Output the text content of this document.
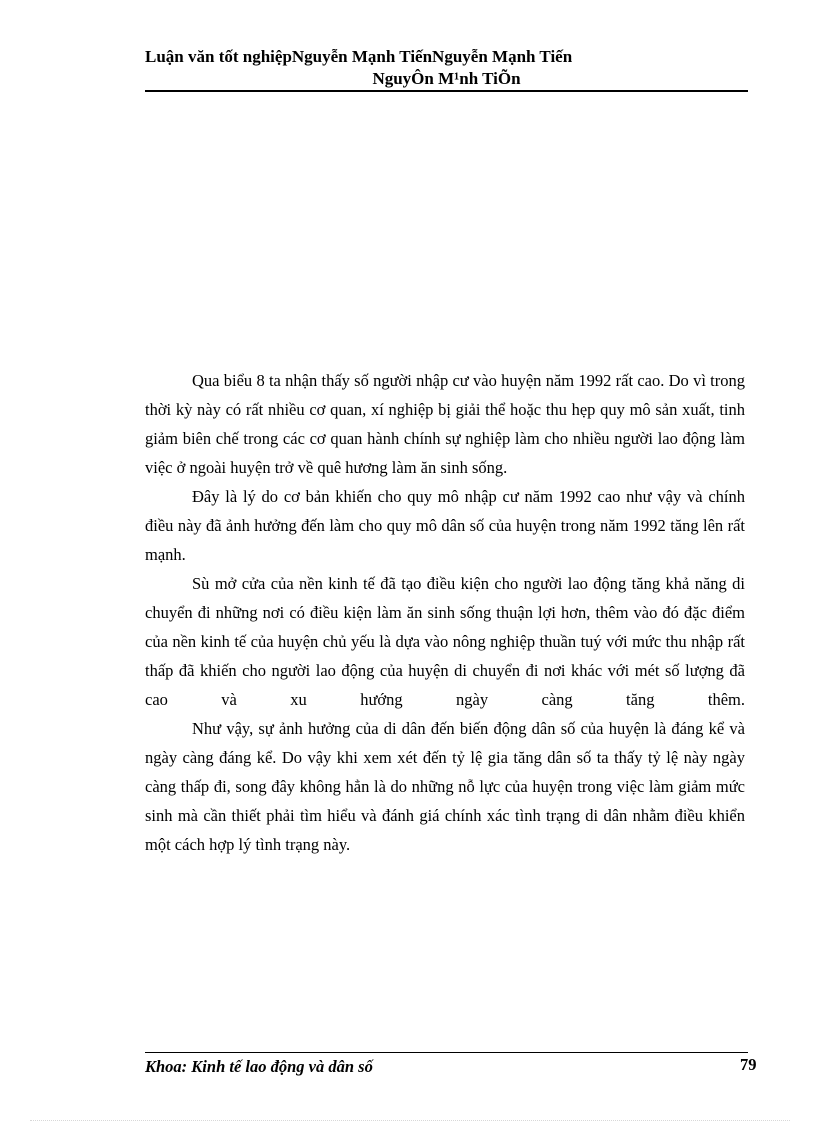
Luận văn tốt nghiệpNguyễn Mạnh TiếnNguyễn Mạnh Tiến
NguyÔn M¹nh TiÕn

Qua biểu 8 ta nhận thấy số người nhập cư vào huyện năm 1992 rất cao. Do vì trong thời kỳ này có rất nhiều cơ quan, xí nghiệp bị giải thể hoặc thu hẹp quy mô sản xuất, tinh giảm biên chế trong các cơ quan hành chính sự nghiệp làm cho nhiều người lao động làm việc ở ngoài huyện trở về quê hương làm ăn sinh sống.

Đây là lý do cơ bản khiến cho quy mô nhập cư năm 1992 cao như vậy và chính điều này đã ảnh hưởng đến làm cho quy mô dân số của huyện trong năm 1992 tăng lên rất mạnh.

Sù mở cửa của nền kinh tế đã tạo điều kiện cho người lao động tăng khả năng di chuyển đi những nơi có điều kiện làm ăn sinh sống thuận lợi hơn, thêm vào đó đặc điểm của nền kinh tế của huyện chủ yếu là dựa vào nông nghiệp thuần tuý với mức thu nhập rất thấp đã khiến cho người lao động của huyện di chuyển đi nơi khác với mét số lượng đã cao và xu hướng ngày càng tăng thêm.

Như vậy, sự ảnh hưởng của di dân đến biến động dân số của huyện là đáng kể và ngày càng đáng kể. Do vậy khi xem xét đến tỷ lệ gia tăng dân số ta thấy tỷ lệ này ngày càng thấp đi, song đây không hẳn là do những nỗ lực của huyện trong việc làm giảm mức sinh mà cần thiết phải tìm hiểu và đánh giá chính xác tình trạng di dân nhằm điều khiển một cách hợp lý tình trạng này.

Khoa: Kinh tế lao động và dân số	79
